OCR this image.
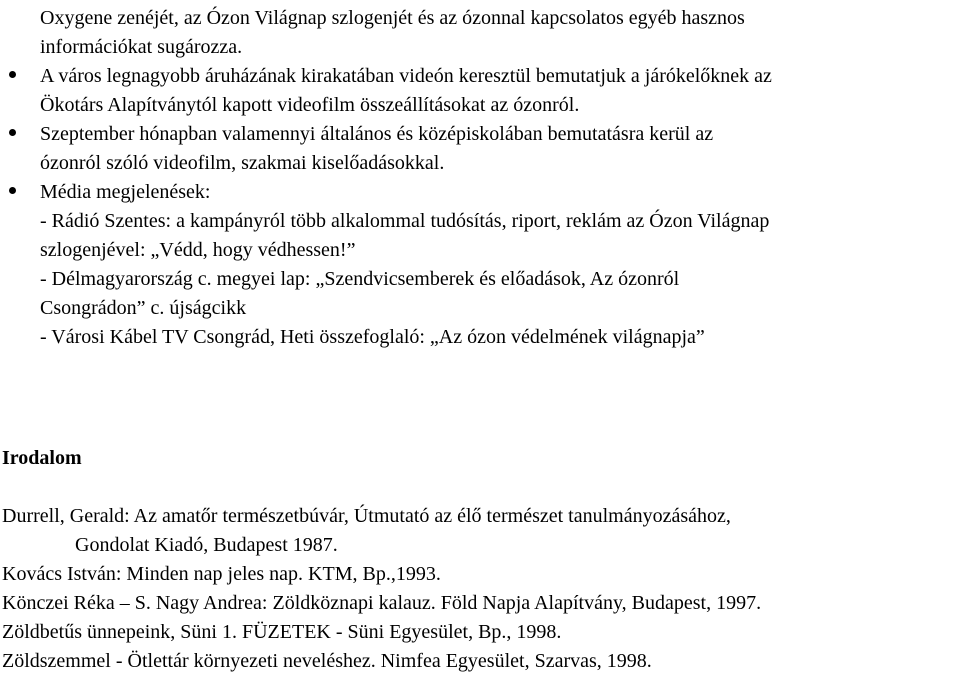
Oxygene zenéjét, az Ózon Világnap szlogenjét és az ózonnal kapcsolatos egyéb hasznos
információkat sugározza.
A város legnagyobb áruházának kirakatában videón keresztül bemutatjuk a járókelőknek az
Ökotárs Alapítványtól kapott videofilm összeállításokat az ózonról.
Szeptember hónapban valamennyi általános és középiskolában bemutatásra kerül az
ózonról szóló videofilm, szakmai kiselőadásokkal.
Média megjelenések:
- Rádió Szentes: a kampányról több alkalommal tudósítás, riport, reklám az Ózon Világnap
szlogenjével: „Védd, hogy védhessen!”
- Délmagyarország c. megyei lap: „Szendvicsemberek és előadások, Az ózonról
Csongrádon” c. újságcikk
- Városi Kábel TV Csongrád, Heti összefoglaló: „Az ózon védelmének világnapja”
Irodalom
Durrell, Gerald: Az amatőr természetbúvár, Útmutató az élő természet tanulmányozásához,
Gondolat Kiadó, Budapest 1987.
Kovács István: Minden nap jeles nap. KTM, Bp.,1993.
Könczei Réka – S. Nagy Andrea: Zöldköznapi kalauz. Föld Napja Alapítvány, Budapest, 1997.
Zöldbetűs ünnepeink, Süni 1. FÜZETEK - Süni Egyesület, Bp., 1998.
Zöldszemmel - Ötlettár környezeti neveléshez. Nimfea Egyesület, Szarvas, 1998.
